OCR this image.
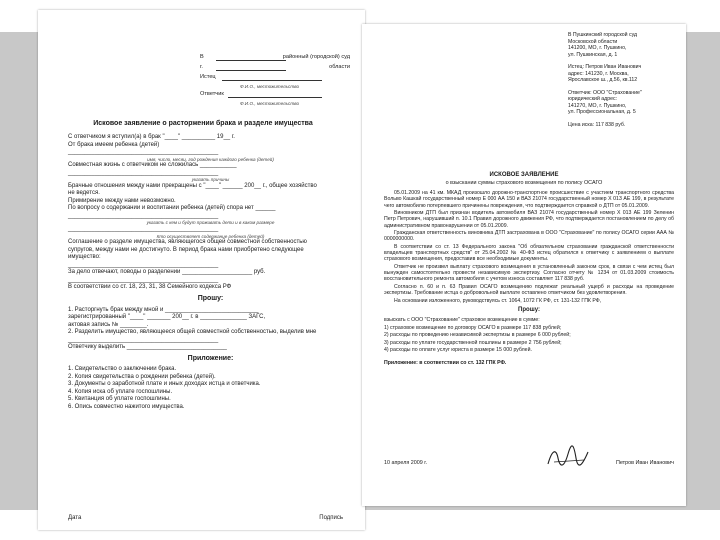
В	районный (городской) суд
г.	области
Истец
Ф.И.О., местожительство
Ответчик
Ф.И.О., местожительство
Исковое заявление о расторжении брака и разделе имущества
С ответчиком я вступил(а) в брак "____" __________ 19__ г.
От брака имеем ребенка (детей)
_____________________________________________
имя, число, месяц, год рождения каждого ребенка (детей)
Совместная жизнь с ответчиком не сложилась ___________
_____________________________________________
указать причины
Брачные отношения между нами прекращены с "____" ______ 200__ г., общее хозяйство
не ведется.
Примирение между нами невозможно.
По вопросу о содержании и воспитании ребенка (детей) спора нет ______
_____________________________________________
указать с кем и будут проживать дети и в каком размере
_____________________________________________
Кто осуществляет содержание ребенка (детей)
Соглашение о разделе имущества, являющегося общей совместной собственностью
супругов, между нами не достигнуто. В период брака нами приобретено следующее
имущество:
_____________________________________________
За дело отвечают, поводы о разделении _____________________ руб.
_____________________________________________
В соответствии со ст. 18, 23, 31, 38 Семейного кодекса РФ
Прошу:
1. Расторгнуть брак между мной и ____________________________
зарегистрированный "____" _______ 200__ г. в ______________ ЗАГС,
актовая запись № ________.
2. Разделить имущество, являющееся общей совместной собственностью, выделив мне
_____________________________________________
Ответчику выделить ______________________________
Приложение:
1. Свидетельство о заключении брака.
2. Копия свидетельства о рождении ребенка (детей).
3. Документы о заработной плате и иных доходах истца и ответчика.
4. Копия иска об уплате госпошлины.
5. Квитанция об уплате госпошлины.
6. Опись совместно нажитого имущества.
Дата	Подпись
В Пушкинский городской суд
Московской области
141200, МО, г. Пушкино,
ул. Пушкинская, д. 1
Истец: Петров Иван Иванович
адрес: 141230, г. Москва,
Ярославское ш., д.56, кв.112
Ответчик: ООО "Страхование"
юридический адрес:
141270, МО, г. Пушкино,
ул. Профессиональная, д. 5
Цена иска: 117 838 руб.
ИСКОВОЕ ЗАЯВЛЕНИЕ
о взыскании суммы страхового возмещения по полису ОСАГО

05.01.2009 на 41 км. МКАД произошло дорожно-транспортное происшествие с участием транспортного средства Вольво Кашкай государственный номер Е 000 АА 150 и ВАЗ 21074 государственный номер Х 013 АЕ 199, в результате чего автомобилю потерпевшего причинены повреждения, что подтверждается справкой о ДТП от 05.01.2009.

Виновником ДТП был признан водитель автомобиля ВАЗ 21074 государственный номер Х 013 АЕ 199 Зеленин Петр Петрович, нарушивший п. 10.1 Правил дорожного движения РФ, что подтверждается постановлением по делу об административном правонарушении от 05.01.2009.

Гражданская ответственность виновника ДТП застрахована в ООО "Страхование" по полису ОСАГО серии ААА № 0000000000.

В соответствии со ст. 13 Федерального закона "Об обязательном страховании гражданской ответственности владельцев транспортных средств" от 25.04.2002 № 40-ФЗ истец обратился к ответчику с заявлением о выплате страхового возмещения, предоставив все необходимые документы.

Ответчик не произвел выплату страхового возмещения в установленный законом срок, в связи с чем истец был вынужден самостоятельно провести независимую экспертизу. Согласно отчету № 1234 от 01.03.2009 стоимость восстановительного ремонта автомобиля с учетом износа составляет 117 838 руб.

Согласно п. 60 и п. 63 Правил ОСАГО возмещению подлежат реальный ущерб и расходы на проведение экспертизы. Требование истца о добровольной выплате оставлено ответчиком без удовлетворения.

На основании изложенного, руководствуясь ст. 1064, 1072 ГК РФ, ст. 131-132 ГПК РФ,

Прошу:
взыскать с ООО "Страхование" страховое возмещение в сумме:
1) страховое возмещение по договору ОСАГО в размере 117 838 рублей;
2) расходы по проведению независимой экспертизы в размере 6 000 рублей;
3) расходы по уплате государственной пошлины в размере 2 756 рублей;
4) расходы по оплате услуг юриста в размере 15 000 рублей.
Приложение: в соответствии со ст. 132 ГПК РФ.
10 апреля 2009 г.	Петров Иван Иванович
